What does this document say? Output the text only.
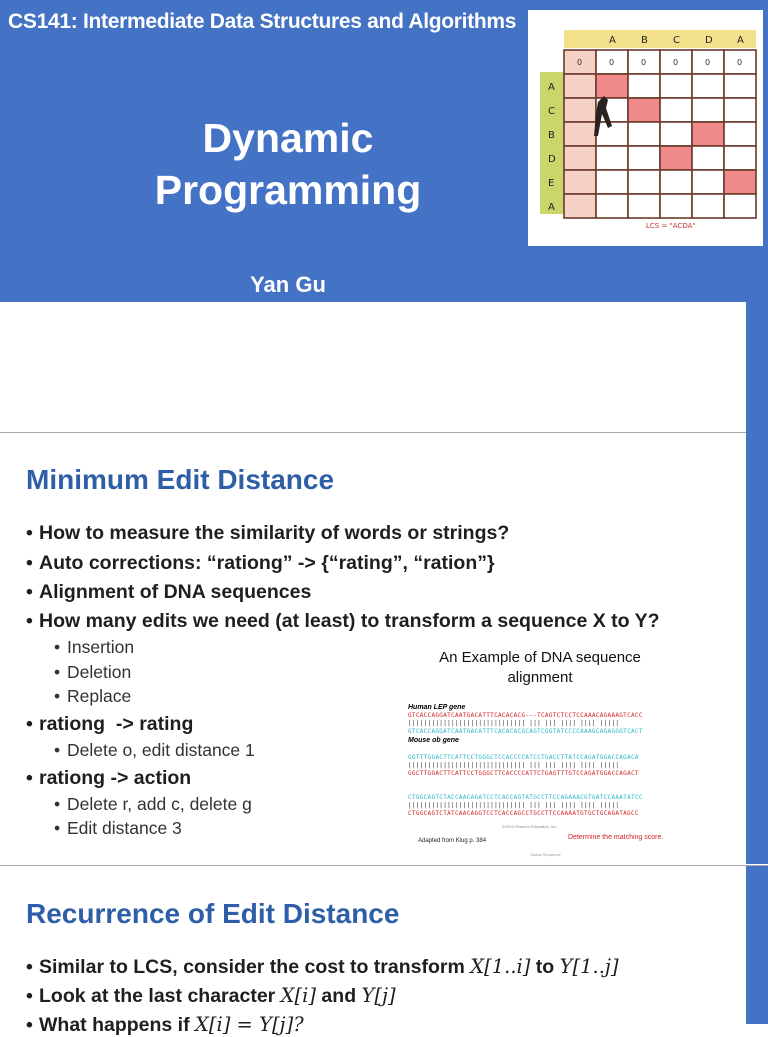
CS141: Intermediate Data Structures and Algorithms
Dynamic
Programming
Yan Gu
A	B	C	D A
A
C
B
D
E
A
0	0	0	0	0	0
LCS = "ACDA"
Minimum Edit Distance
• How to measure the similarity of words or strings?
• Auto corrections: “rationg” -> {“rating”, “ration”}
• Alignment of DNA sequences
• How many edits we need (at least) to transform a sequence X to Y?
• Insertion
• Deletion
• Replace
• rationg  -> rating
• Delete o, edit distance 1
• rationg -> action
• Delete r, add c, delete g
• Edit distance 3
An Example of DNA sequence
alignment
Human LEP gene
GTCACCAGGATCAATGACATTTCACACACG---TCAGTCTCCTCCAAACAGAAAGTCACC
|||||||||||||||||||||||||||||| ||| ||| |||| |||| |||||
GTCACCAGGATCAATGACATTTCACACACGCAGTCGGTATCCCCAAAGCAGAGGGTCACT
Mouse ob gene
GGTTTGGACTTCATTCCTGGGCTCCACCCCATCCTGACCTTATCCAGATGGACCAGACA
|||||||||||||||||||||||||||||| ||| ||| |||| |||| |||||
GGCTTGGACTTCATTCCTGGGCTTCACCCCATTCTGAGTTTGTCCAGATGGACCAGACT
CTGGCAGTCTACCAACAGATCCTCACCAGTATGCCTTCCAGAAACGTGATCCAAATATCC
|||||||||||||||||||||||||||||| ||| ||| |||| |||| |||||
CTGGCAGTCTATCAACAGGTCCTCACCAGCCTGCCTTCCAAAATGTGCTGCAGATAGCC
©2010 Pearson Education, Inc.
Adapted from Klug p. 384	Determine the matching score.
Global Sequence
Recurrence of Edit Distance
• Similar to LCS, consider the cost to transform X[1..i] to Y[1..j]
• Look at the last character X[i] and Y[j]
• What happens if X[i] = Y[j]?
